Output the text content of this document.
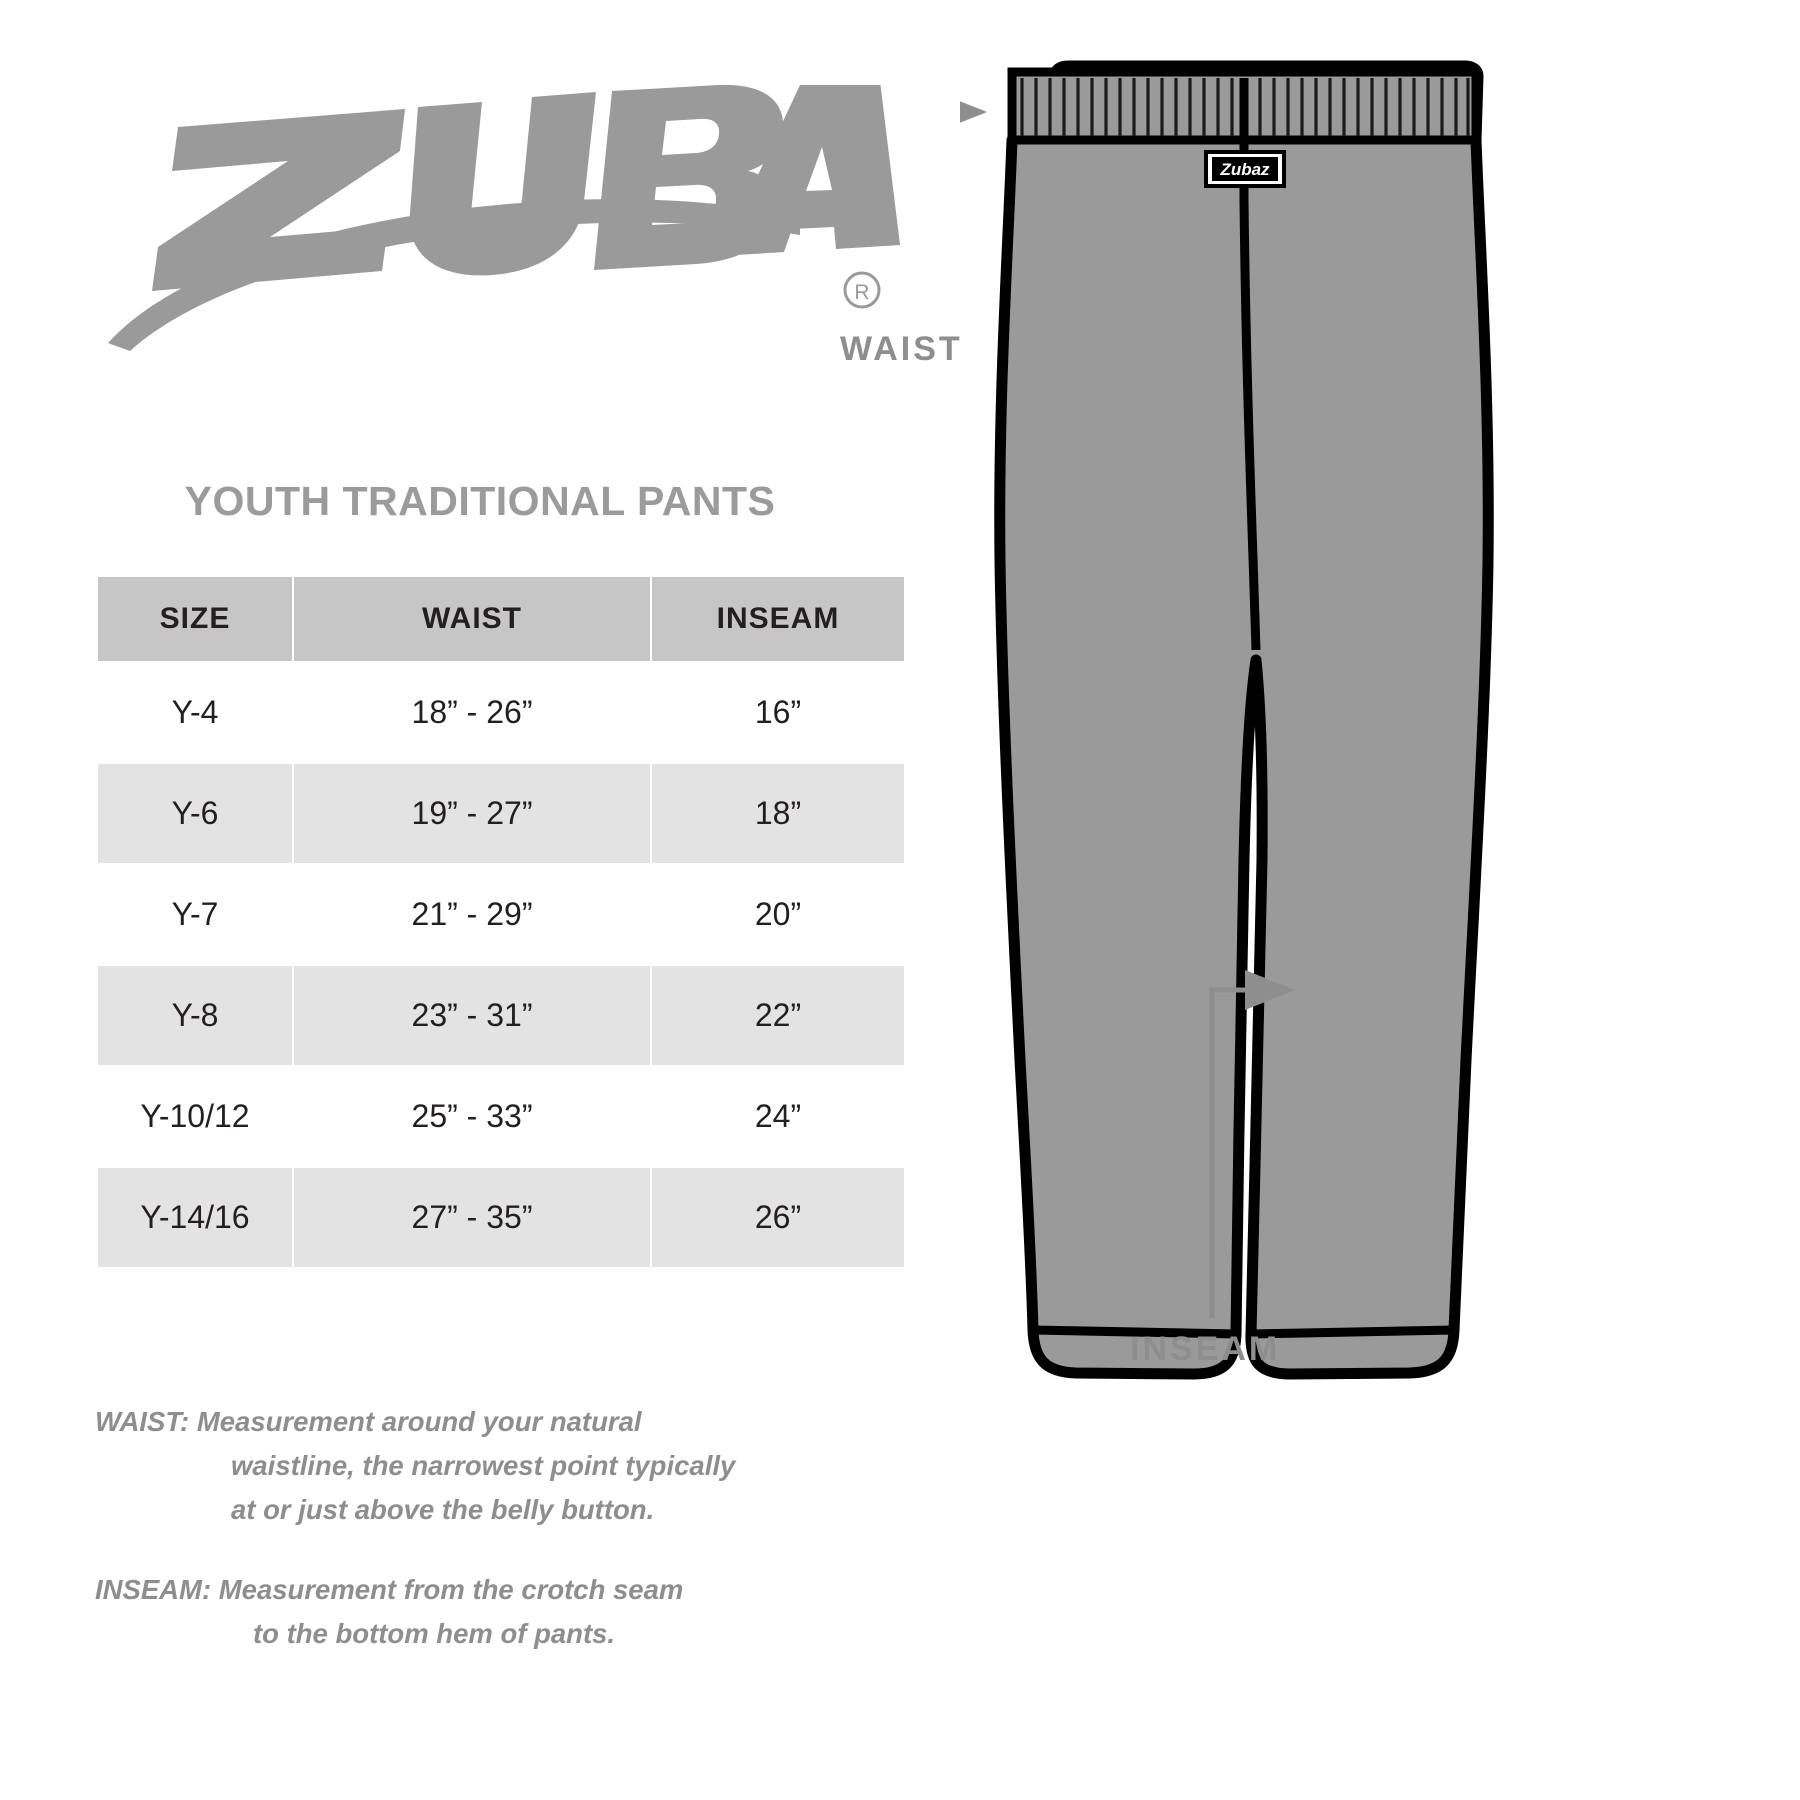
R
YOUTH TRADITIONAL PANTS
SIZE	WAIST	INSEAM
Y-4	18” - 26”	16”
Y-6	19” - 27”	18”
Y-7	21” - 29”	20”
Y-8	23” - 31”	22”
Y-10/12	25” - 33”	24”
Y-14/16	27” - 35”	26”
WAIST: Measurement around your natural
waistline, the narrowest point typically
at or just above the belly button.
INSEAM: Measurement from the crotch seam
to the bottom hem of pants.
Zubaz
WAIST
INSEAM
